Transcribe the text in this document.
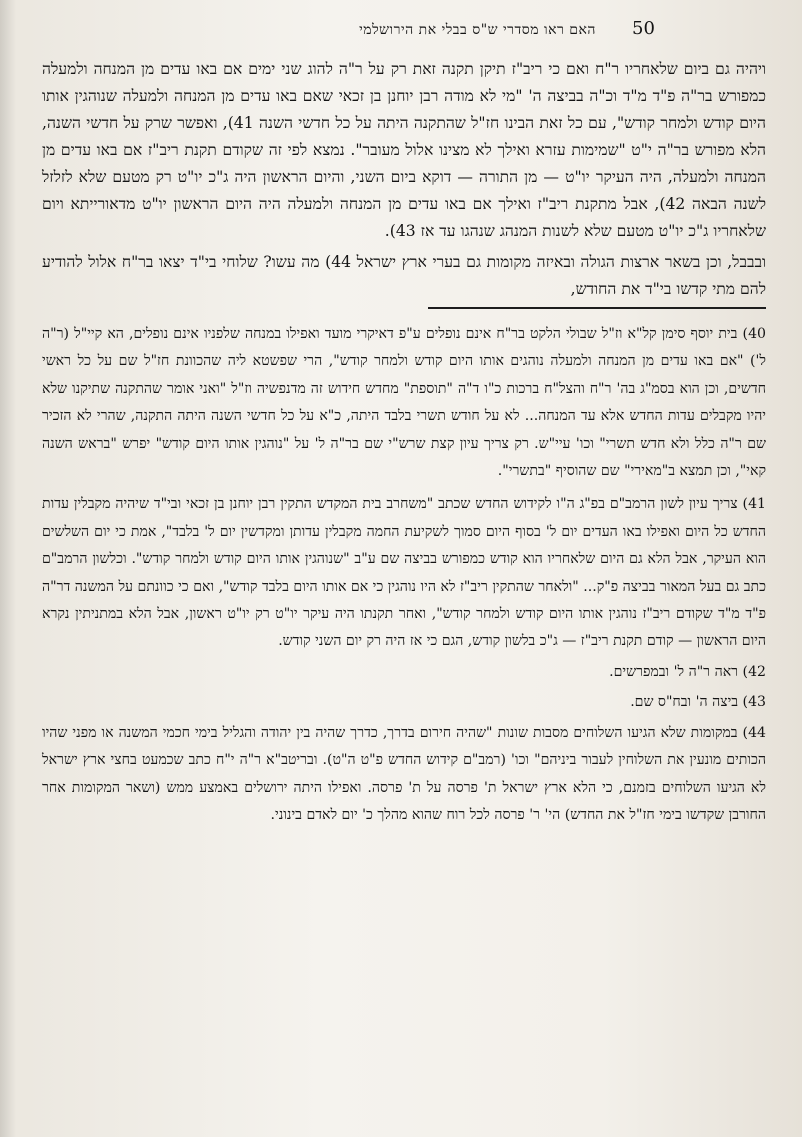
50
האם ראו מסדרי ש"ס בבלי את הירושלמי

ויהיה גם ביום שלאחריו ר"ח ואם כי ריב"ז תיקן תקנה זאת רק על ר"ה להוג שני ימים אם באו עדים מן המנחה ולמעלה כמפורש בר"ה פ"ד מ"ד וכ"ה בביצה ה' "מי לא מודה רבן יוחנן בן זכאי שאם באו עדים מן המנחה ולמעלה שנוהגין אותו היום קודש ולמחר קודש", עם כל זאת הבינו חז"ל שהתקנה היתה על כל חדשי השנה 41), ואפשר שרק על חדשי השנה, הלא מפורש בר"ה י"ט "שמימות עזרא ואילך לא מצינו אלול מעובר". נמצא לפי זה שקודם תקנת ריב"ז אם באו עדים מן המנחה ולמעלה, היה העיקר יו"ט — מן התורה — דוקא ביום השני, והיום הראשון היה ג"כ יו"ט רק מטעם שלא לזלזל לשנה הבאה 42), אבל מתקנת ריב"ז ואילך אם באו עדים מן המנחה ולמעלה היה היום הראשון יו"ט מדאורייתא ויום שלאחריו ג"כ יו"ט מטעם שלא לשנות המנהג שנהגו עד אז 43).

ובבבל, וכן בשאר ארצות הגולה ובאיזה מקומות גם בערי ארץ ישראל 44) מה עשו? שלוחי בי"ד יצאו בר"ח אלול להודיע להם מתי קדשו בי"ד את החודש,

40) בית יוסף סימן קל"א וז"ל שבולי הלקט בר"ח אינם נופלים ע"פ דאיקרי מועד ואפילו במנחה שלפניו אינם נופלים, הא קיי"ל (ר"ה ל') "אם באו עדים מן המנחה ולמעלה נוהגים אותו היום קודש ולמחר קודש", הרי שפשטא ליה שהכוונת חז"ל שם על כל ראשי חדשים, וכן הוא בסמ"ג בה' ר"ח והצל"ח ברכות כ"ו ד"ה "תוספת" מחדש חידוש זה מדנפשיה וז"ל "ואני אומר שהתקנה שתיקנו שלא יהיו מקבלים עדות החדש אלא עד המנחה... לא על חודש תשרי בלבד היתה, כ"א על כל חדשי השנה היתה התקנה, שהרי לא הזכיר שם ר"ה כלל ולא חדש תשרי" וכו' עיי"ש. רק צריך עיון קצת שרש"י שם בר"ה ל' על "נוהגין אותו היום קודש" יפרש "בראש השנה קאי", וכן תמצא ב"מאירי" שם שהוסיף "בתשרי".

41) צריך עיון לשון הרמב"ם בפ"ג ה"ו לקידוש החדש שכתב "משחרב בית המקדש התקין רבן יוחנן בן זכאי ובי"ד שיהיה מקבלין עדות החדש כל היום ואפילו באו העדים יום ל' בסוף היום סמוך לשקיעת החמה מקבלין עדותן ומקדשין יום ל' בלבד", אמת כי יום השלשים הוא העיקר, אבל הלא גם היום שלאחריו הוא קודש כמפורש בביצה שם ע"ב "שנוהגין אותו היום קודש ולמחר קודש". וכלשון הרמב"ם כתב גם בעל המאור בביצה פ"ק... "ולאחר שהתקין ריב"ז לא היו נוהגין כי אם אותו היום בלבד קודש", ואם כי כוונתם על המשנה דר"ה פ"ד מ"ד שקודם ריב"ז נוהגין אותו היום קודש ולמחר קודש", ואחר תקנתו היה עיקר יו"ט רק יו"ט ראשון, אבל הלא במתניתין נקרא היום הראשון — קודם תקנת ריב"ז — ג"כ בלשון קודש, הגם כי אז היה רק יום השני קודש.

42) ראה ר"ה ל' ובמפרשים.

43) ביצה ה' ובח"ס שם.

44) במקומות שלא הגיעו השלוחים מסבות שונות "שהיה חירום בדרך, כדרך שהיה בין יהודה והגליל בימי חכמי המשנה או מפני שהיו הכותים מונעין את השלוחין לעבור ביניהם" וכו' (רמב"ם קידוש החדש פ"ט ה"ט). ובריטב"א ר"ה י"ח כתב שכמעט בחצי ארץ ישראל לא הגיעו השלוחים בזמנם, כי הלא ארץ ישראל ת' פרסה על ת' פרסה. ואפילו היתה ירושלים באמצע ממש (ושאר המקומות אחר החורבן שקדשו בימי חז"ל את החדש) הי' ר' פרסה לכל רוח שהוא מהלך כ' יום לאדם בינוני.
